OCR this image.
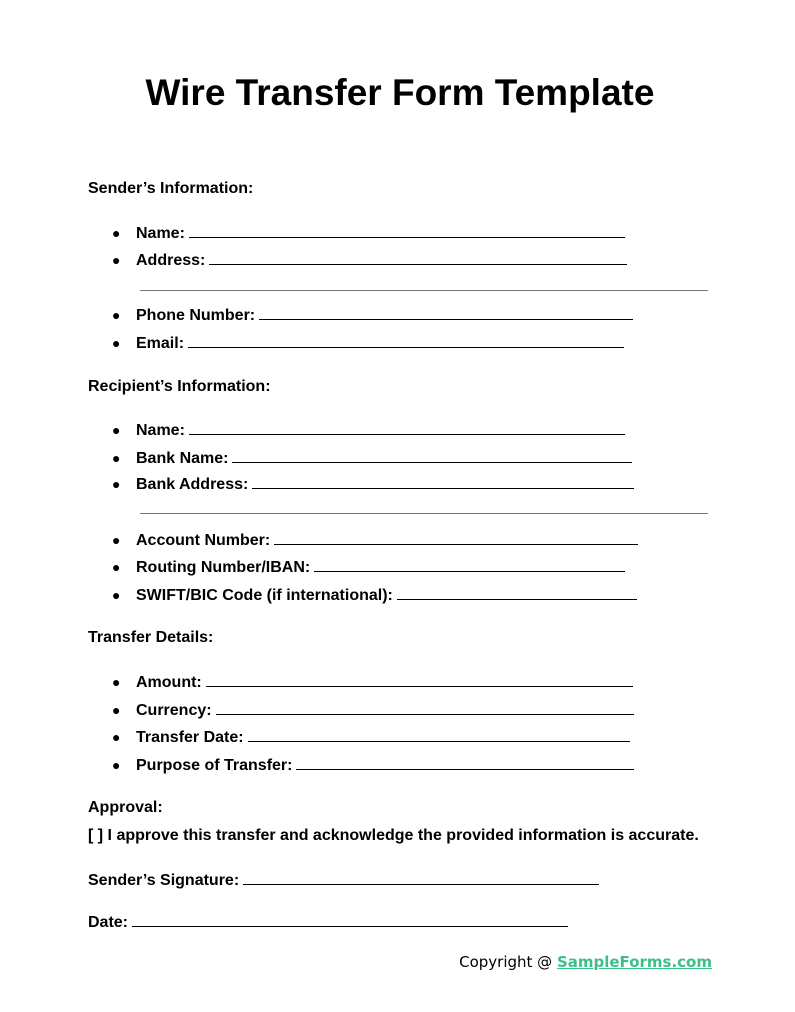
Wire Transfer Form Template
Sender’s Information:
● Name:
● Address:
● Phone Number:
● Email:
Recipient’s Information:
● Name:
● Bank Name:
● Bank Address:
● Account Number:
● Routing Number/IBAN:
● SWIFT/BIC Code (if international):
Transfer Details:
● Amount:
● Currency:
● Transfer Date:
● Purpose of Transfer:
Approval:
[ ] I approve this transfer and acknowledge the provided information is accurate.
Sender’s Signature:
Date:
Copyright @ SampleForms.com
